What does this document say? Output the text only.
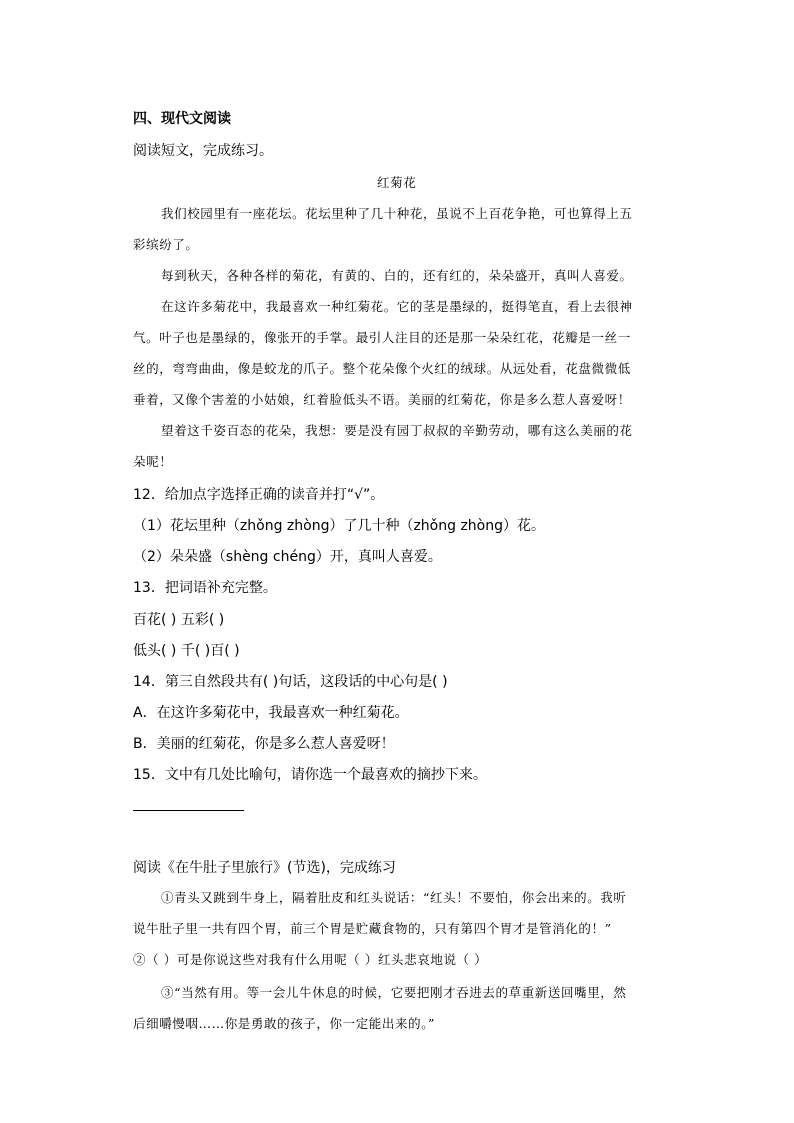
四、现代文阅读
阅读短文，完成练习。
红菊花
我们校园里有一座花坛。花坛里种了几十种花，虽说不上百花争艳，可也算得上五
彩缤纷了。
每到秋天，各种各样的菊花，有黄的、白的，还有红的，朵朵盛开，真叫人喜爱。
在这许多菊花中，我最喜欢一种红菊花。它的茎是墨绿的，挺得笔直，看上去很神
气。叶子也是墨绿的，像张开的手掌。最引人注目的还是那一朵朵红花，花瓣是一丝一
丝的，弯弯曲曲，像是蛟龙的爪子。整个花朵像个火红的绒球。从远处看，花盘微微低
垂着，又像个害羞的小姑娘，红着脸低头不语。美丽的红菊花，你是多么惹人喜爱呀！
望着这千姿百态的花朵，我想：要是没有园丁叔叔的辛勤劳动，哪有这么美丽的花
朵呢！
12．给加点字选择正确的读音并打“√”。
（1）花坛里种（zhǒng zhòng）了几十种（zhǒng zhòng）花。
（2）朵朵盛（shèng chéng）开，真叫人喜爱。
13．把词语补充完整。
百花( ) 五彩( )
低头( ) 千( )百( )
14．第三自然段共有( )句话，这段话的中心句是( )
A．在这许多菊花中，我最喜欢一种红菊花。
B．美丽的红菊花，你是多么惹人喜爱呀！
15．文中有几处比喻句，请你选一个最喜欢的摘抄下来。
阅读《在牛肚子里旅行》(节选)，完成练习
①青头又跳到牛身上，隔着肚皮和红头说话：“红头！不要怕，你会出来的。我听
说牛肚子里一共有四个胃，前三个胃是贮藏食物的，只有第四个胃才是管消化的！”
②（ ）可是你说这些对我有什么用呢（ ）红头悲哀地说（ ）
③“当然有用。等一会儿牛休息的时候，它要把刚才吞进去的草重新送回嘴里，然
后细嚼慢咽……你是勇敢的孩子，你一定能出来的。”
